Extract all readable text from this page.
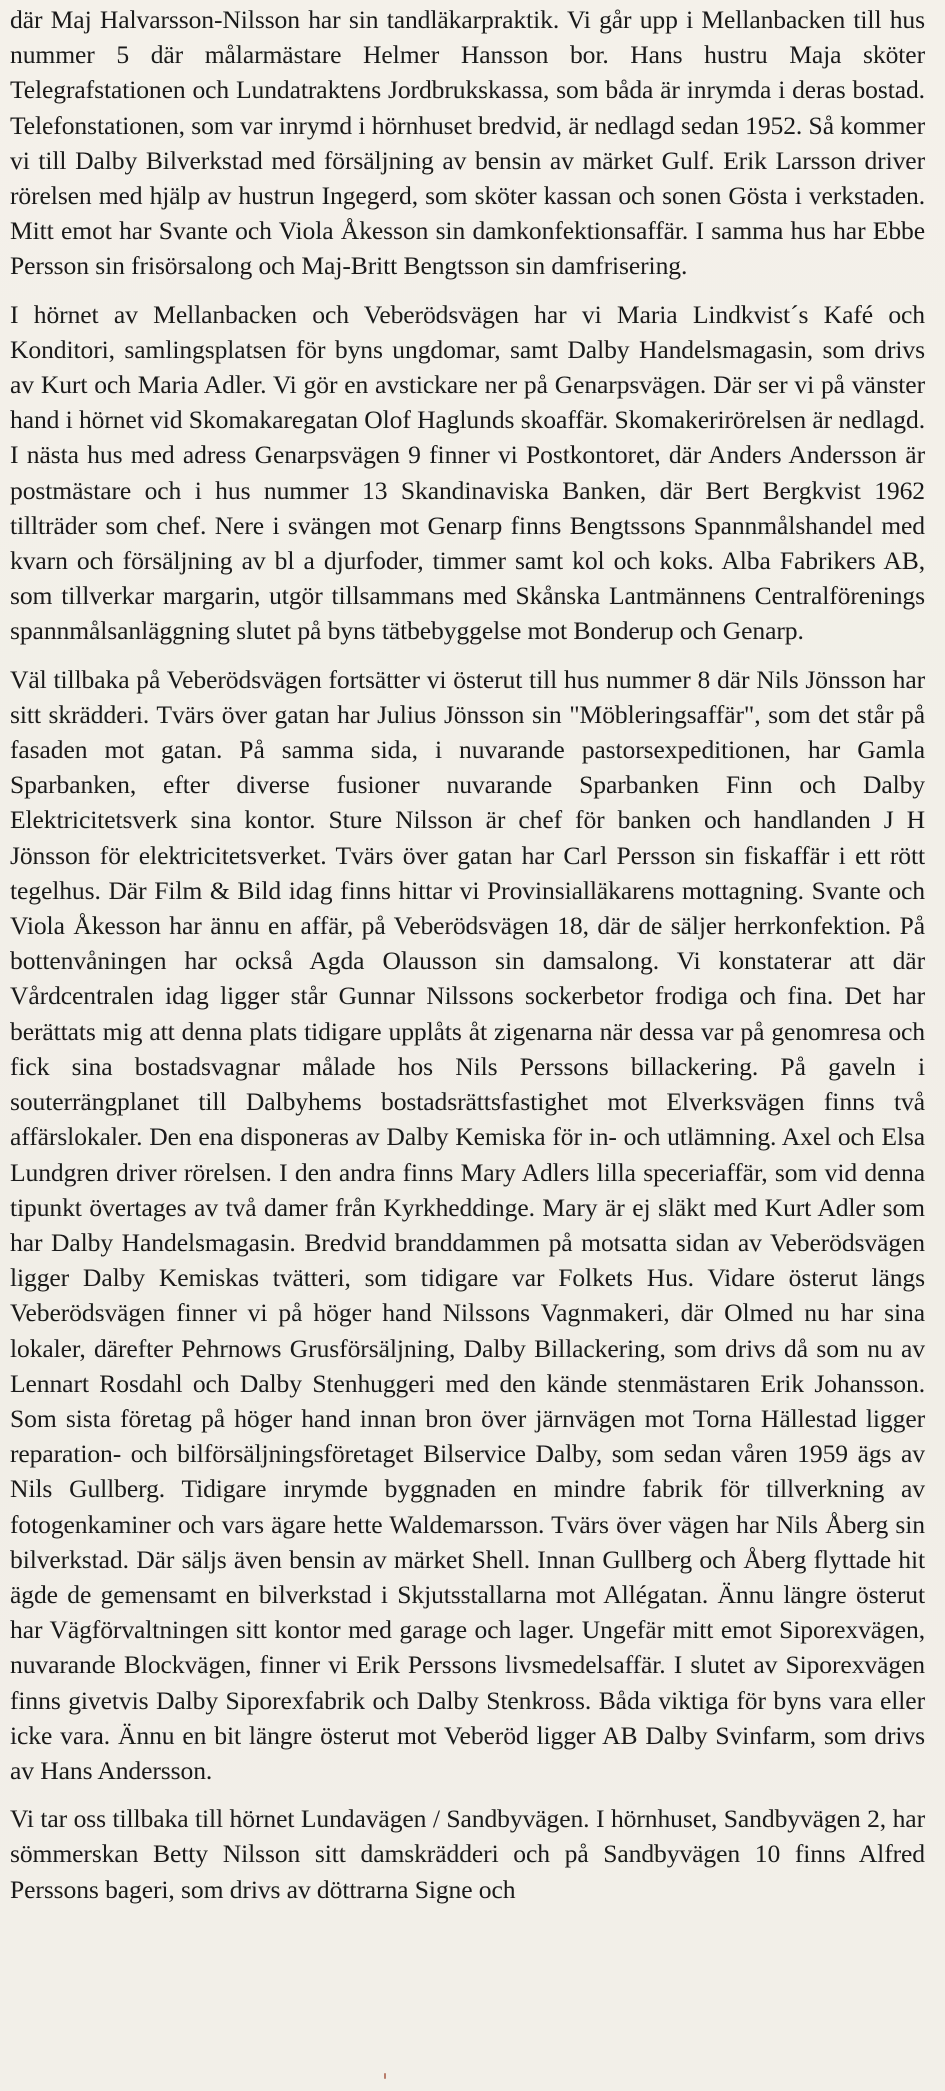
där Maj Halvarsson-Nilsson har sin tandläkarpraktik. Vi går upp i Mellanbacken till hus nummer 5 där målarmästare Helmer Hansson bor. Hans hustru Maja sköter Telegrafstationen och Lundatraktens Jordbrukskassa, som båda är inrymda i deras bostad. Telefonstationen, som var inrymd i hörnhuset bredvid, är nedlagd sedan 1952. Så kommer vi till Dalby Bilverkstad med försäljning av bensin av märket Gulf. Erik Larsson driver rörelsen med hjälp av hustrun Ingegerd, som sköter kassan och sonen Gösta i verkstaden. Mitt emot har Svante och Viola Åkesson sin damkonfektionsaffär. I samma hus har Ebbe Persson sin frisörsalong och Maj-Britt Bengtsson sin damfrisering.

I hörnet av Mellanbacken och Veberödsvägen har vi Maria Lindkvist´s Kafé och Konditori, samlingsplatsen för byns ungdomar, samt Dalby Handelsmagasin, som drivs av Kurt och Maria Adler. Vi gör en avstickare ner på Genarpsvägen. Där ser vi på vänster hand i hörnet vid Skomakaregatan Olof Haglunds skoaffär. Skomakerirörelsen är nedlagd. I nästa hus med adress Genarpsvägen 9 finner vi Postkontoret, där Anders Andersson är postmästare och i hus nummer 13 Skandinaviska Banken, där Bert Bergkvist 1962 tillträder som chef. Nere i svängen mot Genarp finns Bengtssons Spannmålshandel med kvarn och försäljning av bl a djurfoder, timmer samt kol och koks. Alba Fabrikers AB, som tillverkar margarin, utgör tillsammans med Skånska Lantmännens Centralförenings spannmålsanläggning slutet på byns tätbebyggelse mot Bonderup och Genarp.

Väl tillbaka på Veberödsvägen fortsätter vi österut till hus nummer 8 där Nils Jönsson har sitt skrädderi. Tvärs över gatan har Julius Jönsson sin "Möbleringsaffär", som det står på fasaden mot gatan. På samma sida, i nuvarande pastorsexpeditionen, har Gamla Sparbanken, efter diverse fusioner nuvarande Sparbanken Finn och Dalby Elektricitetsverk sina kontor. Sture Nilsson är chef för banken och handlanden J H Jönsson för elektricitetsverket. Tvärs över gatan har Carl Persson sin fiskaffär i ett rött tegelhus. Där Film & Bild idag finns hittar vi Provinsialläkarens mottagning. Svante och Viola Åkesson har ännu en affär, på Veberödsvägen 18, där de säljer herrkonfektion. På bottenvåningen har också Agda Olausson sin damsalong. Vi konstaterar att där Vårdcentralen idag ligger står Gunnar Nilssons sockerbetor frodiga och fina. Det har berättats mig att denna plats tidigare upplåts åt zigenarna när dessa var på genomresa och fick sina bostadsvagnar målade hos Nils Perssons billackering. På gaveln i souterrängplanet till Dalbyhems bostadsrättsfastighet mot Elverksvägen finns två affärslokaler. Den ena disponeras av Dalby Kemiska för in- och utlämning. Axel och Elsa Lundgren driver rörelsen. I den andra finns Mary Adlers lilla speceriaffär, som vid denna tipunkt övertages av två damer från Kyrkheddinge. Mary är ej släkt med Kurt Adler som har Dalby Handelsmagasin. Bredvid branddammen på motsatta sidan av Veberödsvägen ligger Dalby Kemiskas tvätteri, som tidigare var Folkets Hus. Vidare österut längs Veberödsvägen finner vi på höger hand Nilssons Vagnmakeri, där Olmed nu har sina lokaler, därefter Pehrnows Grusförsäljning, Dalby Billackering, som drivs då som nu av Lennart Rosdahl och Dalby Stenhuggeri med den kände stenmästaren Erik Johansson. Som sista företag på höger hand innan bron över järnvägen mot Torna Hällestad ligger reparation- och bilförsäljningsföretaget Bilservice Dalby, som sedan våren 1959 ägs av Nils Gullberg. Tidigare inrymde byggnaden en mindre fabrik för tillverkning av fotogenkaminer och vars ägare hette Waldemarsson. Tvärs över vägen har Nils Åberg sin bilverkstad. Där säljs även bensin av märket Shell. Innan Gullberg och Åberg flyttade hit ägde de gemensamt en bilverkstad i Skjutsstallarna mot Allégatan. Ännu längre österut har Vägförvaltningen sitt kontor med garage och lager. Ungefär mitt emot Siporexvägen, nuvarande Blockvägen, finner vi Erik Perssons livsmedelsaffär. I slutet av Siporexvägen finns givetvis Dalby Siporexfabrik och Dalby Stenkross. Båda viktiga för byns vara eller icke vara. Ännu en bit längre österut mot Veberöd ligger AB Dalby Svinfarm, som drivs av Hans Andersson.

Vi tar oss tillbaka till hörnet Lundavägen / Sandbyvägen. I hörnhuset, Sandbyvägen 2, har sömmerskan Betty Nilsson sitt damskrädderi och på Sandbyvägen 10 finns Alfred Perssons bageri, som drivs av döttrarna Signe och
